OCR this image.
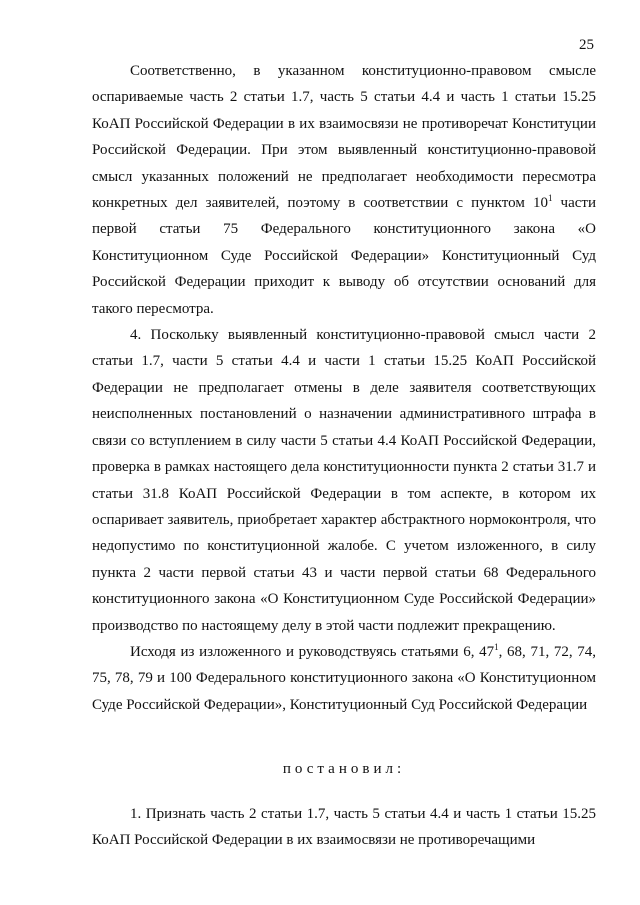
25

Соответственно, в указанном конституционно-правовом смысле оспариваемые часть 2 статьи 1.7, часть 5 статьи 4.4 и часть 1 статьи 15.25 КоАП Российской Федерации в их взаимосвязи не противоречат Конституции Российской Федерации. При этом выявленный конституционно-правовой смысл указанных положений не предполагает необходимости пересмотра конкретных дел заявителей, поэтому в соответствии с пунктом $10^1$ части первой статьи 75 Федерального конституционного закона «О Конституционном Суде Российской Федерации» Конституционный Суд Российской Федерации приходит к выводу об отсутствии оснований для такого пересмотра.

4. Поскольку выявленный конституционно-правовой смысл части 2 статьи 1.7, части 5 статьи 4.4 и части 1 статьи 15.25 КоАП Российской Федерации не предполагает отмены в деле заявителя соответствующих неисполненных постановлений о назначении административного штрафа в связи со вступлением в силу части 5 статьи 4.4 КоАП Российской Федерации, проверка в рамках настоящего дела конституционности пункта 2 статьи 31.7 и статьи 31.8 КоАП Российской Федерации в том аспекте, в котором их оспаривает заявитель, приобретает характер абстрактного нормоконтроля, что недопустимо по конституционной жалобе. С учетом изложенного, в силу пункта 2 части первой статьи 43 и части первой статьи 68 Федерального конституционного закона «О Конституционном Суде Российской Федерации» производство по настоящему делу в этой части подлежит прекращению.

Исходя из изложенного и руководствуясь статьями 6, $47^1$, 68, 71, 72, 74, 75, 78, 79 и 100 Федерального конституционного закона «О Конституционном Суде Российской Федерации», Конституционный Суд Российской Федерации

постановил:

1. Признать часть 2 статьи 1.7, часть 5 статьи 4.4 и часть 1 статьи 15.25 КоАП Российской Федерации в их взаимосвязи не противоречащими
